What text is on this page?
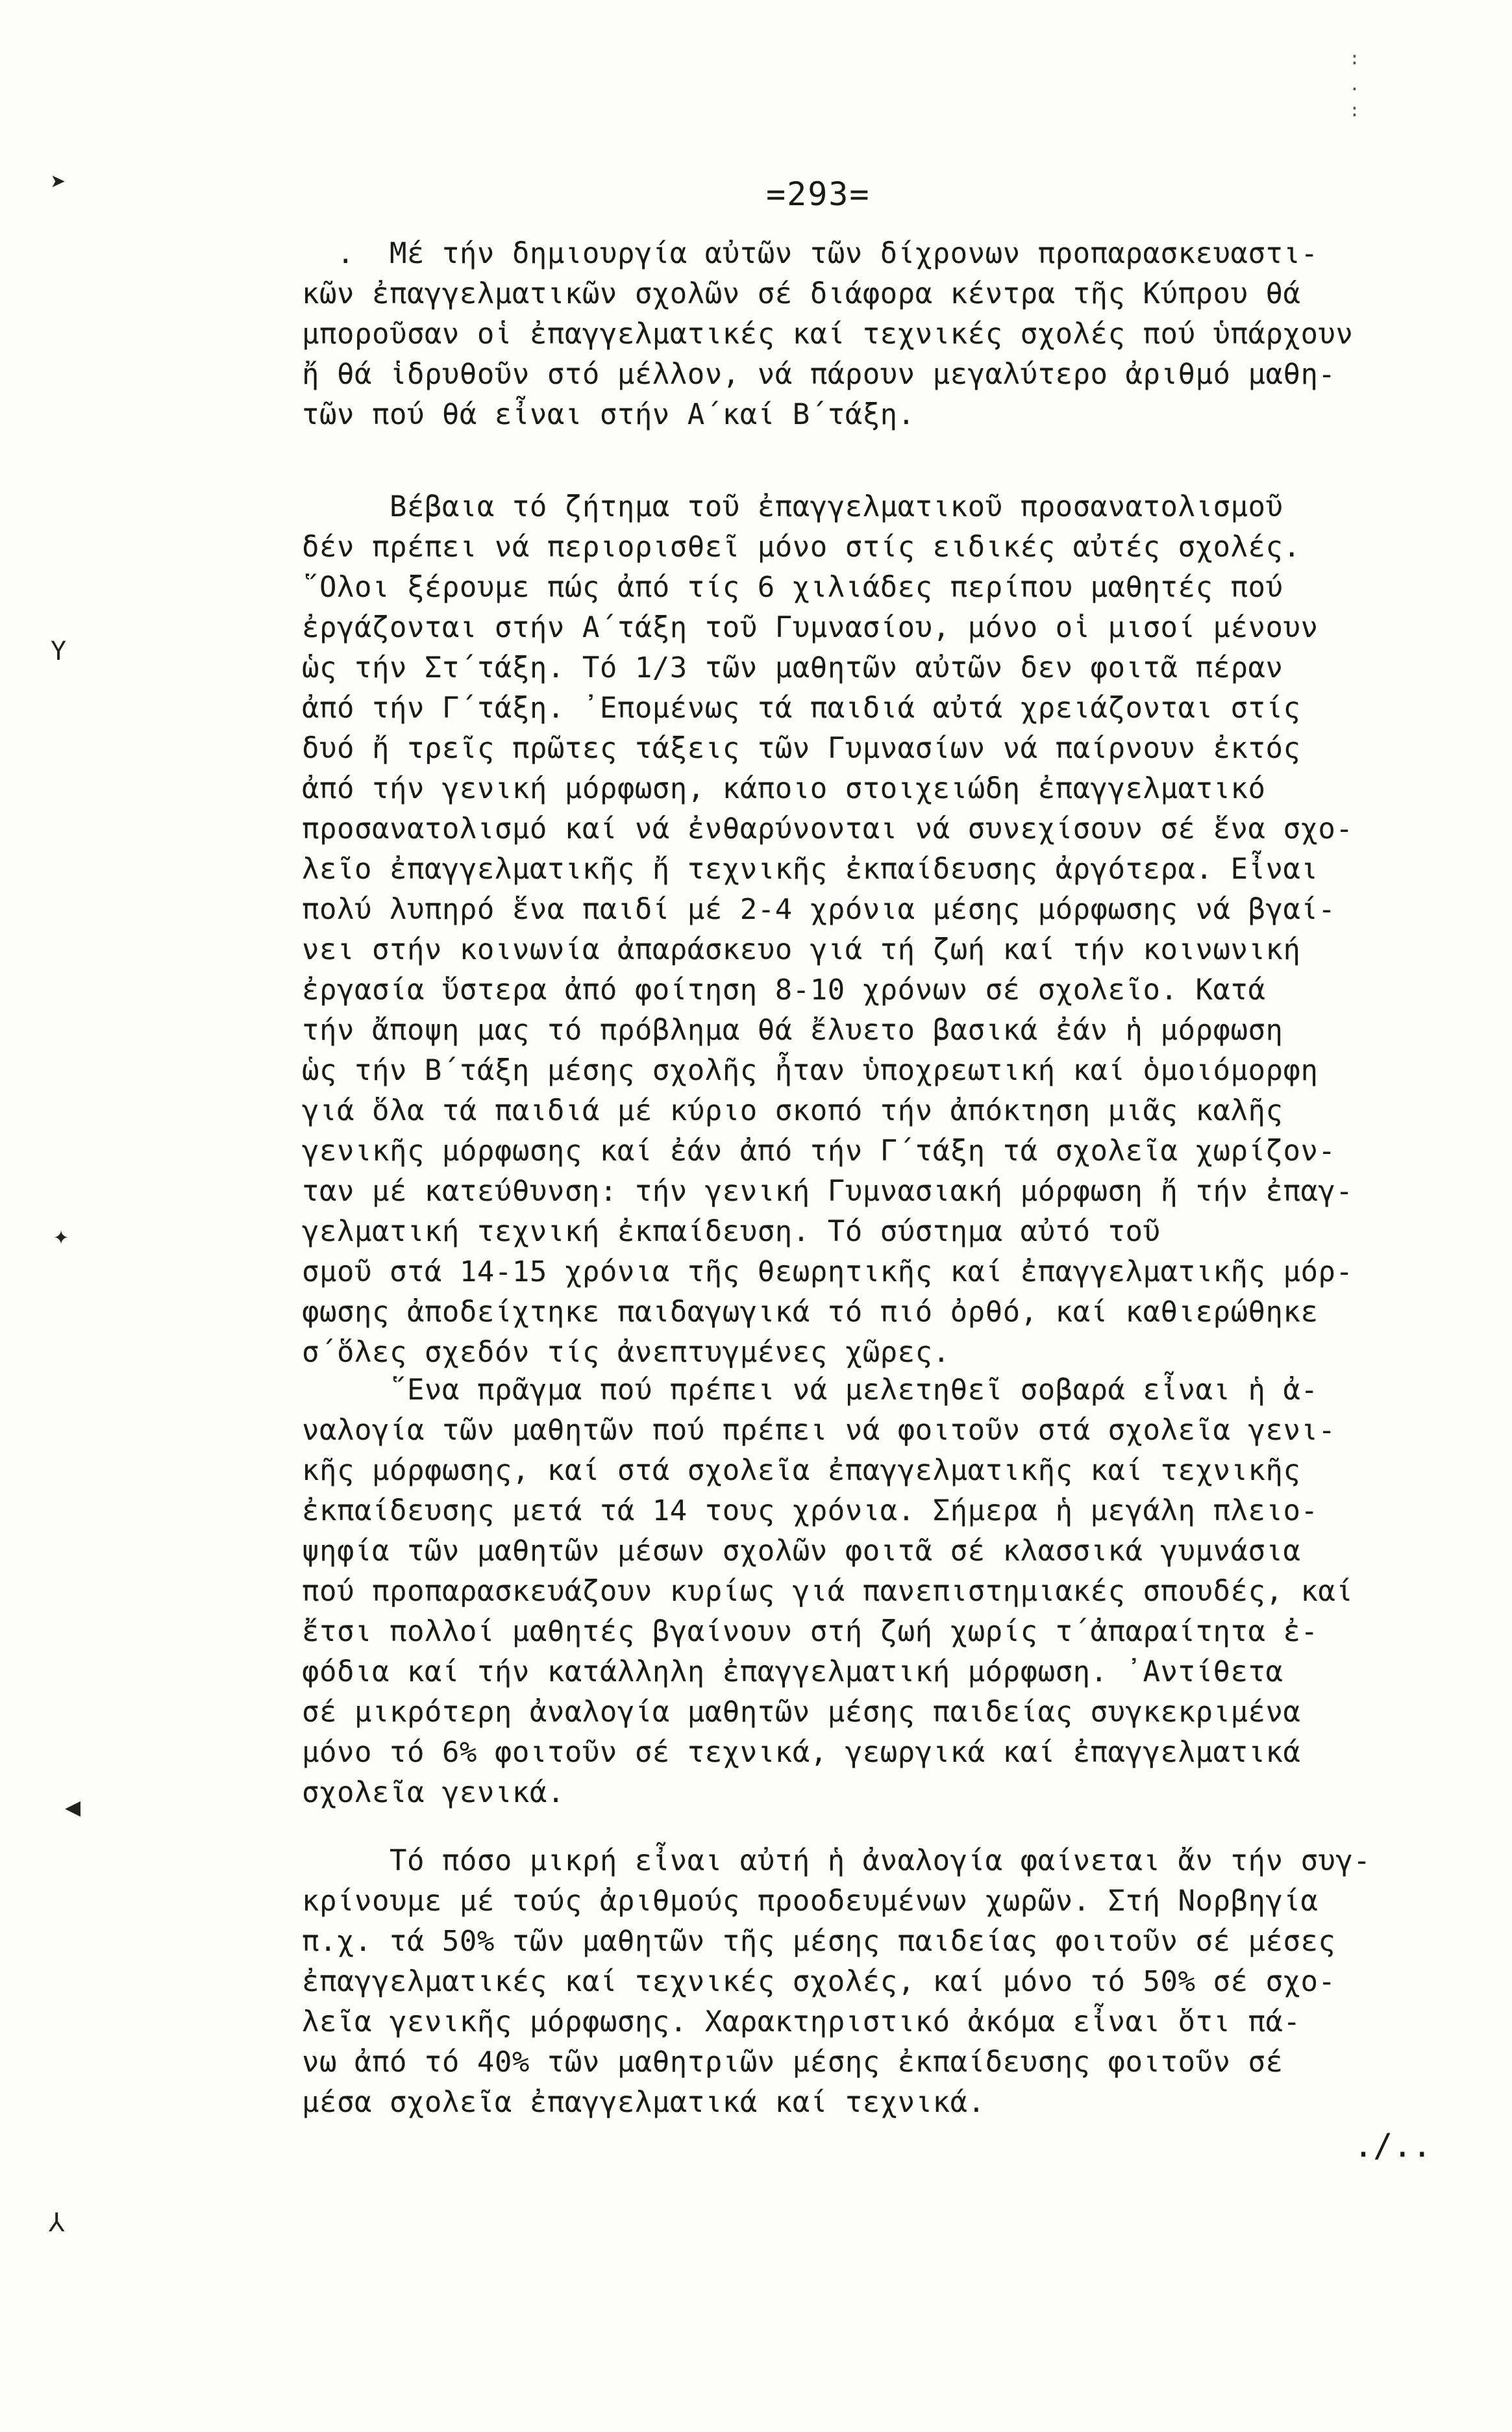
:
.
:
=293=
➤
Y
✦
◀
⅄
.  Μέ τήν δημιουργία αὐτῶν τῶν δίχρονων προπαρασκευαστι-
κῶν ἐπαγγελματικῶν σχολῶν σέ διάφορα κέντρα τῆς Κύπρου θά
μποροῦσαν οἱ ἐπαγγελματικές καί τεχνικές σχολές πού ὑπάρχουν
ἤ θά ἱδρυθοῦν στό μέλλον, νά πάρουν μεγαλύτερο ἀριθμό μαθη-
τῶν πού θά εἶναι στήν Α΄καί Β΄τάξη.
Βέβαια τό ζήτημα τοῦ ἐπαγγελματικοῦ προσανατολισμοῦ
δέν πρέπει νά περιορισθεῖ μόνο στίς ειδικές αὐτές σχολές.
῞Ολοι ξέρουμε πώς ἀπό τίς 6 χιλιάδες περίπου μαθητές πού
ἐργάζονται στήν Α΄τάξη τοῦ Γυμνασίου, μόνο οἱ μισοί μένουν
ὡς τήν Στ΄τάξη. Τό 1/3 τῶν μαθητῶν αὐτῶν δεν φοιτᾶ πέραν
ἀπό τήν Γ΄τάξη. ᾽Επομένως τά παιδιά αὐτά χρειάζονται στίς
δυό ἤ τρεῖς πρῶτες τάξεις τῶν Γυμνασίων νά παίρνουν ἐκτός
ἀπό τήν γενική μόρφωση, κάποιο στοιχειώδη ἐπαγγελματικό
προσανατολισμό καί νά ἐνθαρύνονται νά συνεχίσουν σέ ἕνα σχο-
λεῖο ἐπαγγελματικῆς ἤ τεχνικῆς ἐκπαίδευσης ἀργότερα. Εἶναι
πολύ λυπηρό ἕνα παιδί μέ 2-4 χρόνια μέσης μόρφωσης νά βγαί-
νει στήν κοινωνία ἀπαράσκευο γιά τή ζωή καί τήν κοινωνική
ἐργασία ὕστερα ἀπό φοίτηση 8-10 χρόνων σέ σχολεῖο. Κατά
τήν ἄποψη μας τό πρόβλημα θά ἔλυετο βασικά ἐάν ἡ μόρφωση
ὡς τήν Β΄τάξη μέσης σχολῆς ἦταν ὑποχρεωτική καί ὁμοιόμορφη
γιά ὅλα τά παιδιά μέ κύριο σκοπό τήν ἀπόκτηση μιᾶς καλῆς
γενικῆς μόρφωσης καί ἐάν ἀπό τήν Γ΄τάξη τά σχολεῖα χωρίζον-
ταν μέ κατεύθυνση: τήν γενική Γυμνασιακή μόρφωση ἤ τήν ἐπαγ-
γελματική τεχνική ἐκπαίδευση. Τό σύστημα αὐτό τοῦ
σμοῦ στά 14-15 χρόνια τῆς θεωρητικῆς καί ἐπαγγελματικῆς μόρ-
φωσης ἀποδείχτηκε παιδαγωγικά τό πιό ὀρθό, καί καθιερώθηκε
σ΄ὅλες σχεδόν τίς ἀνεπτυγμένες χῶρες.
῞Ενα πρᾶγμα πού πρέπει νά μελετηθεῖ σοβαρά εἶναι ἡ ἀ-
ναλογία τῶν μαθητῶν πού πρέπει νά φοιτοῦν στά σχολεῖα γενι-
κῆς μόρφωσης, καί στά σχολεῖα ἐπαγγελματικῆς καί τεχνικῆς
ἐκπαίδευσης μετά τά 14 τους χρόνια. Σήμερα ἡ μεγάλη πλειο-
ψηφία τῶν μαθητῶν μέσων σχολῶν φοιτᾶ σέ κλασσικά γυμνάσια
πού προπαρασκευάζουν κυρίως γιά πανεπιστημιακές σπουδές, καί
ἔτσι πολλοί μαθητές βγαίνουν στή ζωή χωρίς τ΄ἀπαραίτητα ἐ-
φόδια καί τήν κατάλληλη ἐπαγγελματική μόρφωση. ᾽Αντίθετα
σέ μικρότερη ἀναλογία μαθητῶν μέσης παιδείας συγκεκριμένα
μόνο τό 6% φοιτοῦν σέ τεχνικά, γεωργικά καί ἐπαγγελματικά
σχολεῖα γενικά.
Τό πόσο μικρή εἶναι αὐτή ἡ ἀναλογία φαίνεται ἄν τήν συγ-
κρίνουμε μέ τούς ἀριθμούς προοδευμένων χωρῶν. Στή Νορβηγία
π.χ. τά 50% τῶν μαθητῶν τῆς μέσης παιδείας φοιτοῦν σέ μέσες
ἐπαγγελματικές καί τεχνικές σχολές, καί μόνο τό 50% σέ σχο-
λεῖα γενικῆς μόρφωσης. Χαρακτηριστικό ἀκόμα εἶναι ὅτι πά-
νω ἀπό τό 40% τῶν μαθητριῶν μέσης ἐκπαίδευσης φοιτοῦν σέ
μέσα σχολεῖα ἐπαγγελματικά καί τεχνικά.
./..
